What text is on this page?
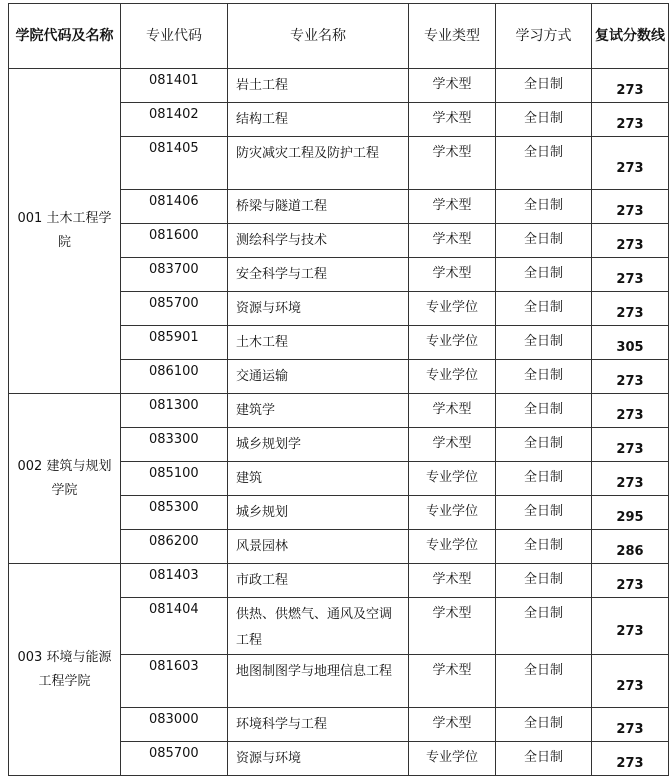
学院代码及名称	专业代码	专业名称	专业类型	学习方式	复试分数线
001 土木工程学院	081401	岩土工程	学术型	全日制	273
	081402	结构工程	学术型	全日制	273
	081405	防灾减灾工程及防护工程	学术型	全日制	273
	081406	桥梁与隧道工程	学术型	全日制	273
	081600	测绘科学与技术	学术型	全日制	273
	083700	安全科学与工程	学术型	全日制	273
	085700	资源与环境	专业学位	全日制	273
	085901	土木工程	专业学位	全日制	305
	086100	交通运输	专业学位	全日制	273
002 建筑与规划学院	081300	建筑学	学术型	全日制	273
	083300	城乡规划学	学术型	全日制	273
	085100	建筑	专业学位	全日制	273
	085300	城乡规划	专业学位	全日制	295
	086200	风景园林	专业学位	全日制	286
003 环境与能源工程学院	081403	市政工程	学术型	全日制	273
	081404	供热、供燃气、通风及空调工程	学术型	全日制	273
	081603	地图制图学与地理信息工程	学术型	全日制	273
	083000	环境科学与工程	学术型	全日制	273
	085700	资源与环境	专业学位	全日制	273
